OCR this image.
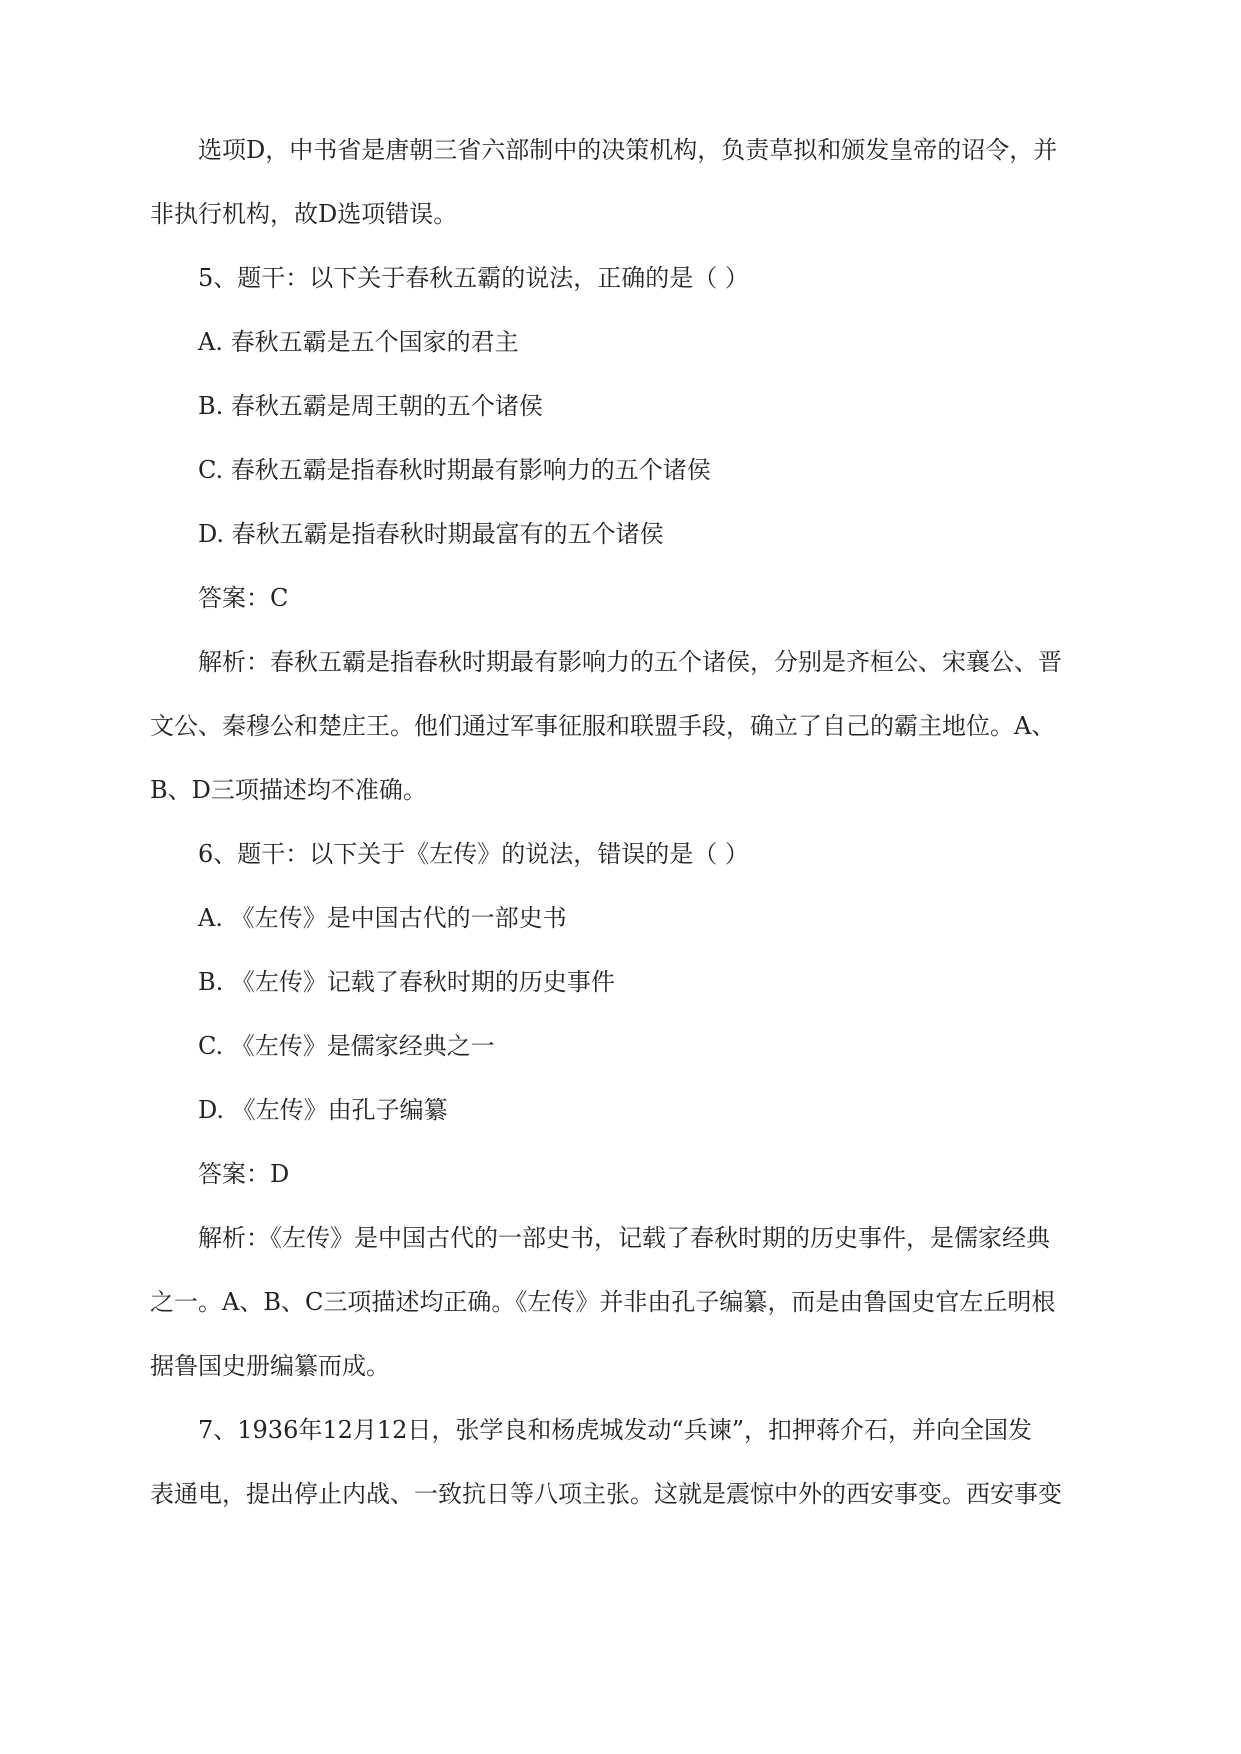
选项D，中书省是唐朝三省六部制中的决策机构，负责草拟和颁发皇帝的诏令，并
非执行机构，故D选项错误。
5、题干：以下关于春秋五霸的说法，正确的是（ ）
A. 春秋五霸是五个国家的君主
B. 春秋五霸是周王朝的五个诸侯
C. 春秋五霸是指春秋时期最有影响力的五个诸侯
D. 春秋五霸是指春秋时期最富有的五个诸侯
答案：C
解析：春秋五霸是指春秋时期最有影响力的五个诸侯，分别是齐桓公、宋襄公、晋
文公、秦穆公和楚庄王。他们通过军事征服和联盟手段，确立了自己的霸主地位。A、
B、D三项描述均不准确。
6、题干：以下关于《左传》的说法，错误的是（ ）
A. 《左传》是中国古代的一部史书
B. 《左传》记载了春秋时期的历史事件
C. 《左传》是儒家经典之一
D. 《左传》由孔子编纂
答案：D
解析：《左传》是中国古代的一部史书，记载了春秋时期的历史事件，是儒家经典
之一。A、B、C三项描述均正确。《左传》并非由孔子编纂，而是由鲁国史官左丘明根
据鲁国史册编纂而成。
7、1936年12月12日，张学良和杨虎城发动“兵谏”，扣押蒋介石，并向全国发
表通电，提出停止内战、一致抗日等八项主张。这就是震惊中外的西安事变。西安事变
